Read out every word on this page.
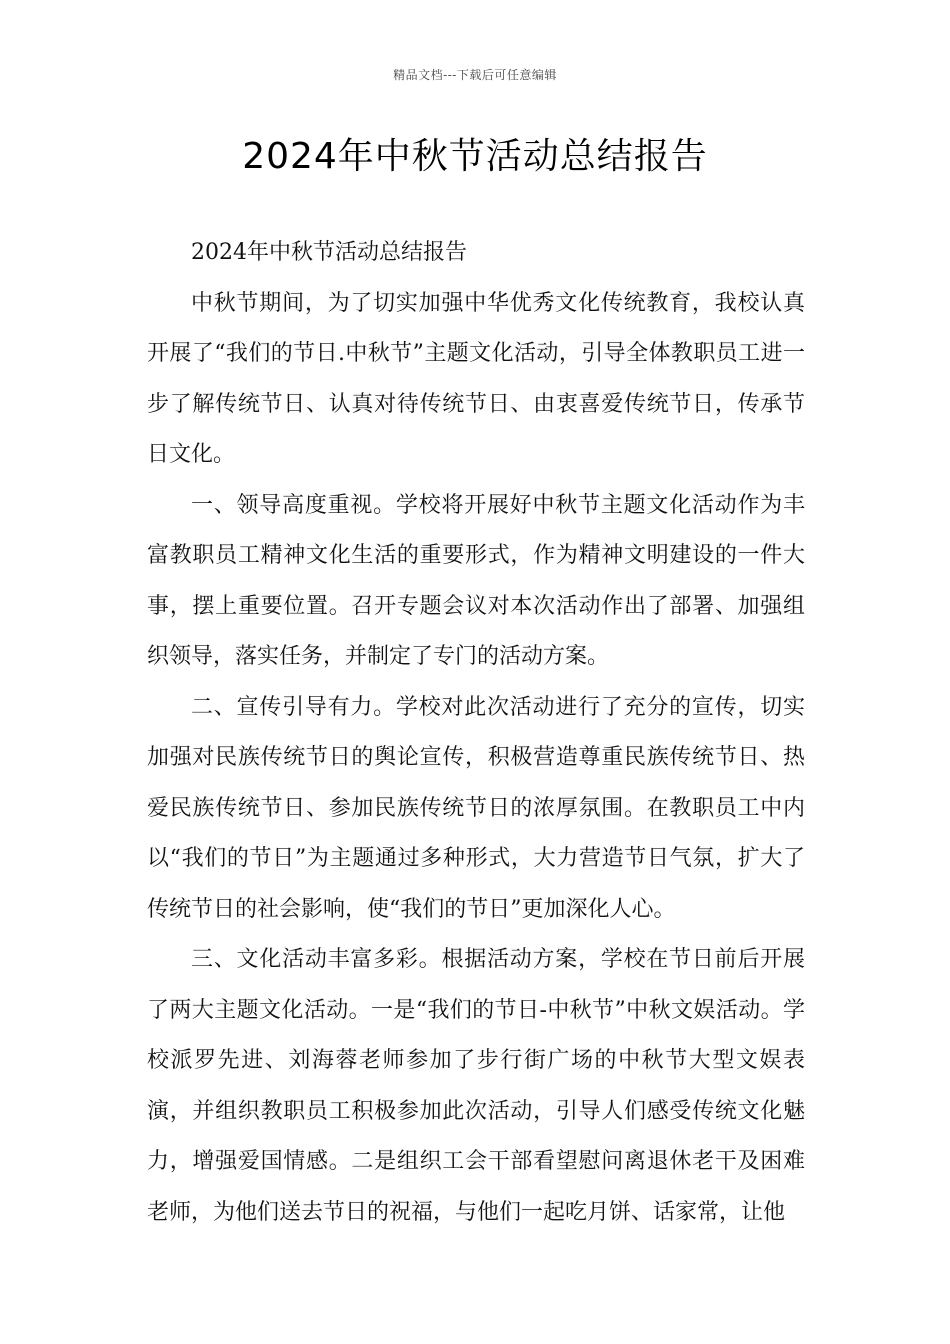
精品文档---下载后可任意编辑
2024年中秋节活动总结报告

2024年中秋节活动总结报告

中秋节期间，为了切实加强中华优秀文化传统教育，我校认真开展了“我们的节日.中秋节”主题文化活动，引导全体教职员工进一步了解传统节日、认真对待传统节日、由衷喜爱传统节日，传承节日文化。

一、领导高度重视。学校将开展好中秋节主题文化活动作为丰富教职员工精神文化生活的重要形式，作为精神文明建设的一件大事，摆上重要位置。召开专题会议对本次活动作出了部署、加强组织领导，落实任务，并制定了专门的活动方案。

二、宣传引导有力。学校对此次活动进行了充分的宣传，切实加强对民族传统节日的舆论宣传，积极营造尊重民族传统节日、热爱民族传统节日、参加民族传统节日的浓厚氛围。在教职员工中内以“我们的节日”为主题通过多种形式，大力营造节日气氛，扩大了传统节日的社会影响，使“我们的节日”更加深化人心。

三、文化活动丰富多彩。根据活动方案，学校在节日前后开展了两大主题文化活动。一是“我们的节日-中秋节”中秋文娱活动。学校派罗先进、刘海蓉老师参加了步行街广场的中秋节大型文娱表演，并组织教职员工积极参加此次活动，引导人们感受传统文化魅力，增强爱国情感。二是组织工会干部看望慰问离退休老干及困难老师，为他们送去节日的祝福，与他们一起吃月饼、话家常，让他
